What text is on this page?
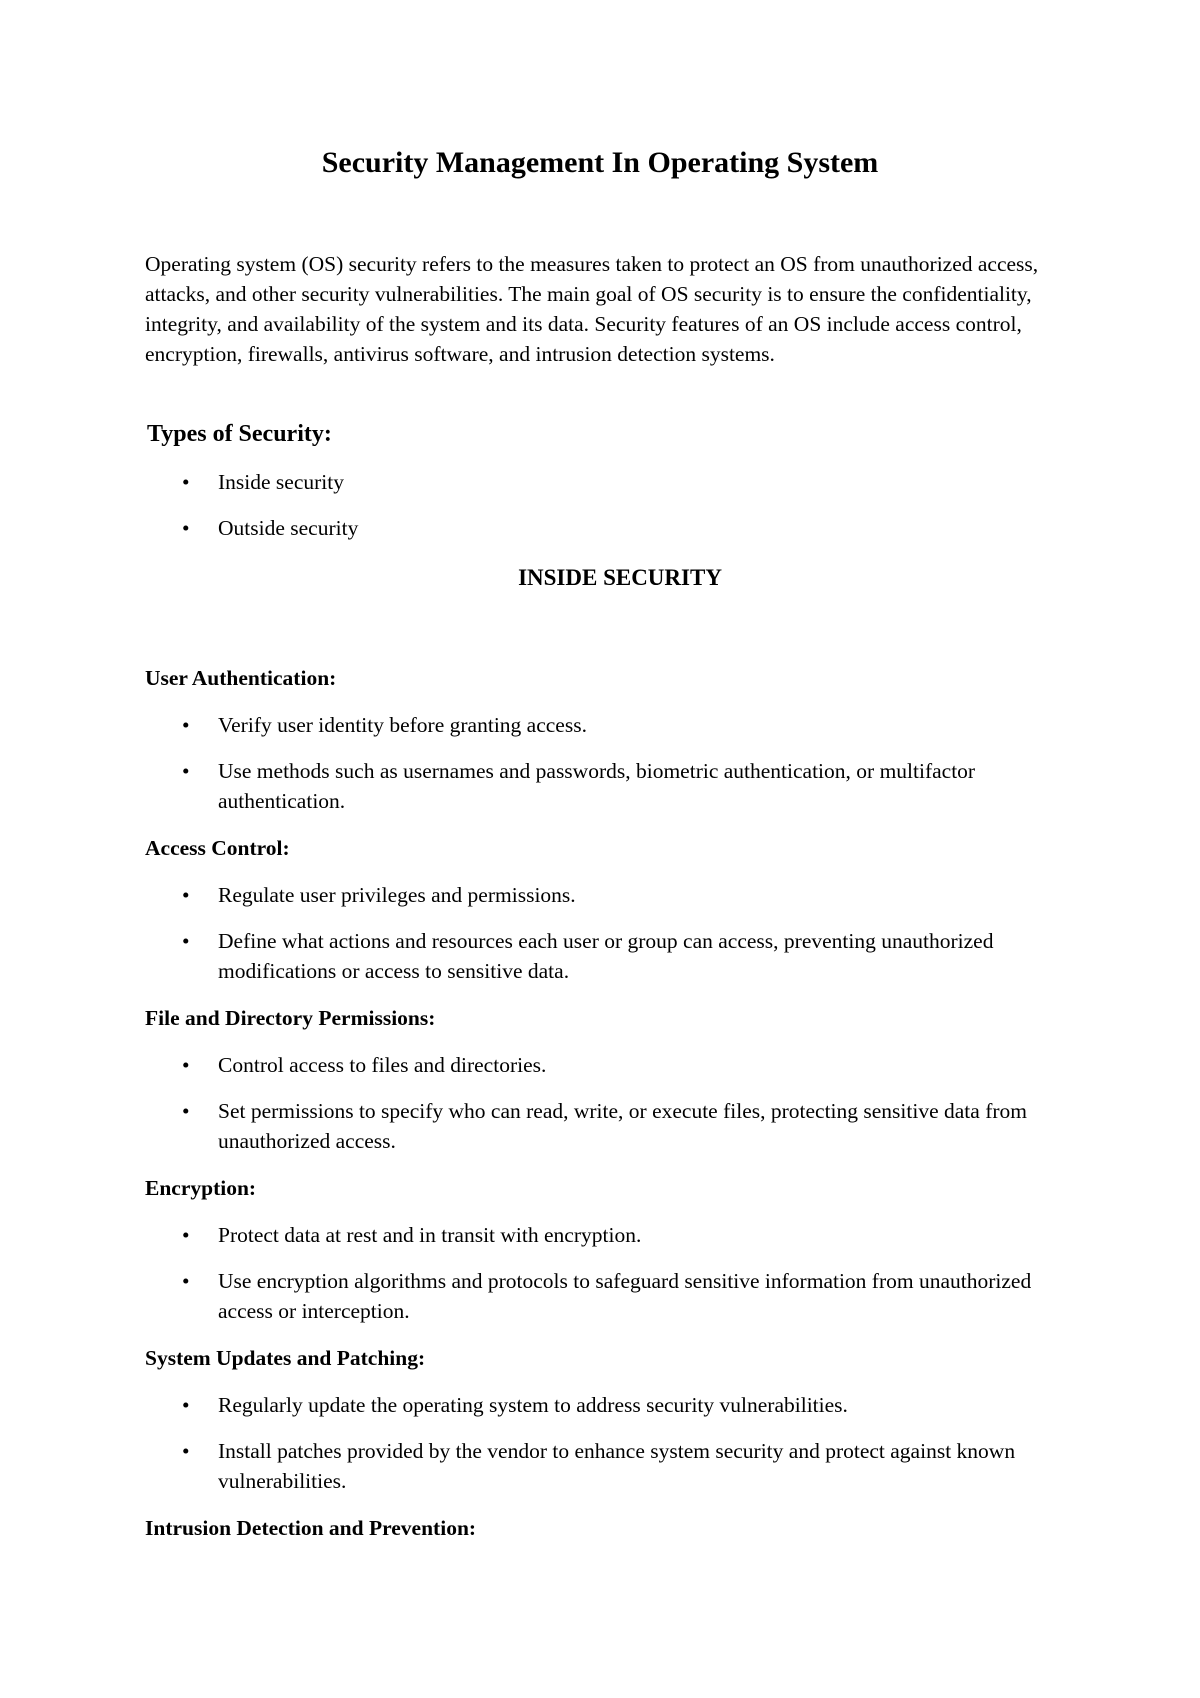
Security Management In Operating System
Operating system (OS) security refers to the measures taken to protect an OS from unauthorized access, attacks, and other security vulnerabilities. The main goal of OS security is to ensure the confidentiality, integrity, and availability of the system and its data. Security features of an OS include access control, encryption, firewalls, antivirus software, and intrusion detection systems.
Types of Security:
• Inside security
• Outside security
INSIDE SECURITY
User Authentication:
• Verify user identity before granting access.
• Use methods such as usernames and passwords, biometric authentication, or multifactor authentication.
Access Control:
• Regulate user privileges and permissions.
• Define what actions and resources each user or group can access, preventing unauthorized modifications or access to sensitive data.
File and Directory Permissions:
• Control access to files and directories.
• Set permissions to specify who can read, write, or execute files, protecting sensitive data from unauthorized access.
Encryption:
• Protect data at rest and in transit with encryption.
• Use encryption algorithms and protocols to safeguard sensitive information from unauthorized access or interception.
System Updates and Patching:
• Regularly update the operating system to address security vulnerabilities.
• Install patches provided by the vendor to enhance system security and protect against known vulnerabilities.
Intrusion Detection and Prevention:
